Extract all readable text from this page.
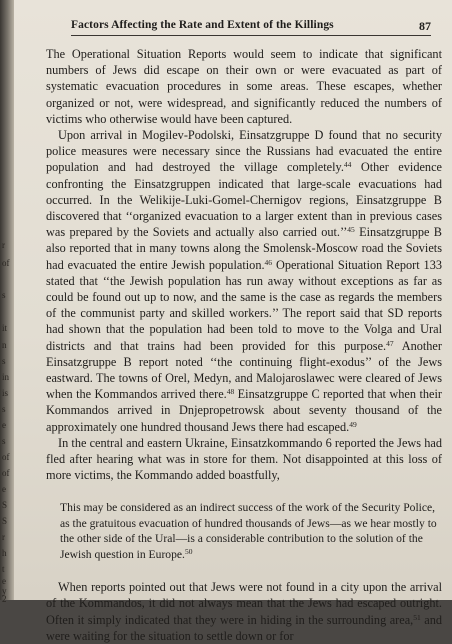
r
of
s
it
n
s
in
is
s
e
s
of
of
e
S
S
r
h
t
e
y
2
Factors Affecting the Rate and Extent of the Killings	87

The Operational Situation Reports would seem to indicate that significant numbers of Jews did escape on their own or were evacuated as part of systematic evacuation procedures in some areas. These escapes, whether organized or not, were widespread, and significantly reduced the numbers of victims who otherwise would have been captured.

Upon arrival in Mogilev-Podolski, Einsatzgruppe D found that no security police measures were necessary since the Russians had evacuated the entire population and had destroyed the village completely.$^{44}$ Other evidence confronting the Einsatzgruppen indicated that large-scale evacuations had occurred. In the Welikije-Luki-Gomel-Chernigov regions, Einsatzgruppe B discovered that ‘‘organized evacuation to a larger extent than in previous cases was prepared by the Soviets and actually also carried out.’’$^{45}$ Einsatzgruppe B also reported that in many towns along the Smolensk-Moscow road the Soviets had evacuated the entire Jewish population.$^{46}$ Operational Situation Report 133 stated that ‘‘the Jewish population has run away without exceptions as far as could be found out up to now, and the same is the case as regards the members of the communist party and skilled workers.’’ The report said that SD reports had shown that the population had been told to move to the Volga and Ural districts and that trains had been provided for this purpose.$^{47}$ Another Einsatzgruppe B report noted ‘‘the continuing flight-exodus’’ of the Jews eastward. The towns of Orel, Medyn, and Malojaroslawec were cleared of Jews when the Kommandos arrived there.$^{48}$ Einsatzgruppe C reported that when their Kommandos arrived in Dnjepropetrowsk about seventy thousand of the approximately one hundred thousand Jews there had escaped.$^{49}$

In the central and eastern Ukraine, Einsatzkommando 6 reported the Jews had fled after hearing what was in store for them. Not disappointed at this loss of more victims, the Kommando added boastfully,

This may be considered as an indirect success of the work of the Security Police, as the gratuitous evacuation of hundred thousands of Jews—as we hear mostly to the other side of the Ural—is a considerable contribution to the solution of the Jewish question in Europe.$^{50}$

When reports pointed out that Jews were not found in a city upon the arrival of the Kommandos, it did not always mean that the Jews had escaped outright. Often it simply indicated that they were in hiding in the surrounding area,$^{51}$ and were waiting for the situation to settle down or for
